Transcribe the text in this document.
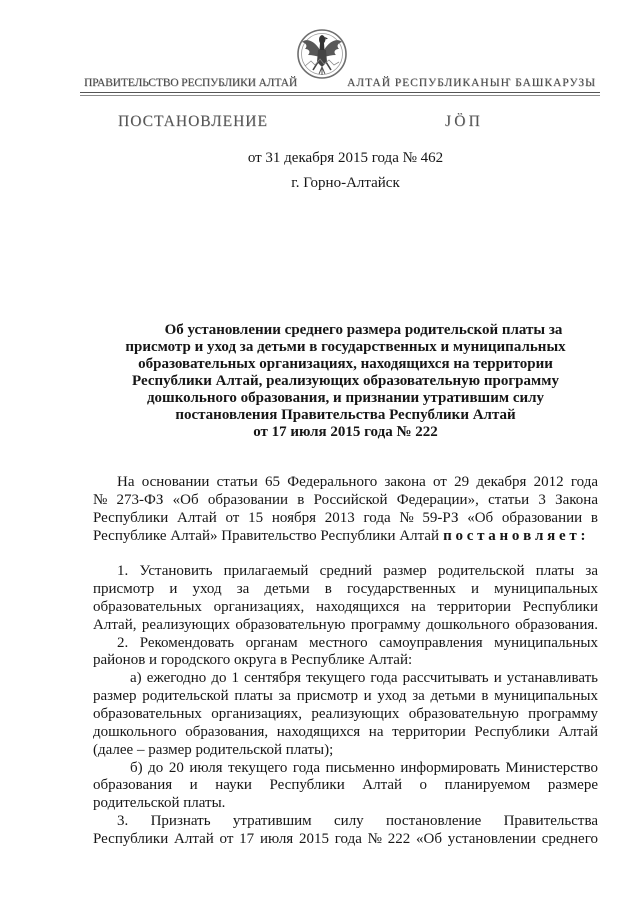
ПРАВИТЕЛЬСТВО РЕСПУБЛИКИ АЛТАЙ	АЛТАЙ РЕСПУБЛИКАНЫҤ БАШКАРУЗЫ
ПОСТАНОВЛЕНИЕ	ЈӦП
от 31 декабря 2015 года № 462
г. Горно-Алтайск
Об установлении среднего размера родительской платы за
присмотр и уход за детьми в государственных и муниципальных
образовательных организациях, находящихся на территории
Республики Алтай, реализующих образовательную программу
дошкольного образования, и признании утратившим силу
постановления Правительства Республики Алтай
от 17 июля 2015 года № 222
На основании статьи 65 Федерального закона от 29 декабря 2012 года
№ 273-ФЗ «Об образовании в Российской Федерации», статьи 3 Закона
Республики Алтай от 15 ноября 2013 года № 59-РЗ «Об образовании в
Республике Алтай» Правительство Республики Алтай п о с т а н о в л я е т :
1. Установить прилагаемый средний размер родительской платы за
присмотр и уход за детьми в государственных и муниципальных
образовательных организациях, находящихся на территории Республики
Алтай, реализующих образовательную программу дошкольного образования.
2. Рекомендовать органам местного самоуправления муниципальных
районов и городского округа в Республике Алтай:
а) ежегодно до 1 сентября текущего года рассчитывать и устанавливать
размер родительской платы за присмотр и уход за детьми в муниципальных
образовательных организациях, реализующих образовательную программу
дошкольного образования, находящихся на территории Республики Алтай
(далее – размер родительской платы);
б) до 20 июля текущего года письменно информировать Министерство
образования и науки Республики Алтай о планируемом размере
родительской платы.
3. Признать утратившим силу постановление Правительства
Республики Алтай от 17 июля 2015 года № 222 «Об установлении среднего
